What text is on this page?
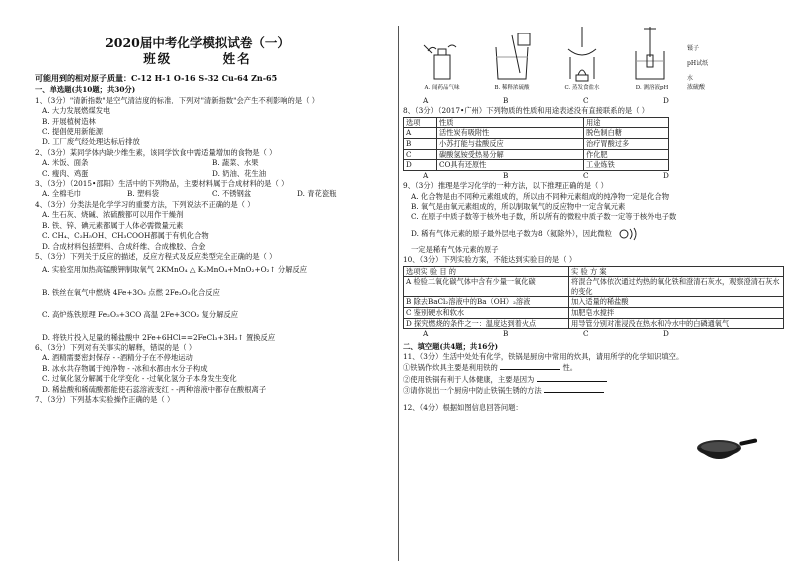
2020届中考化学模拟试卷（一）
班级	姓名
可能用到的相对原子质量：C-12 H-1 O-16 S-32 Cu-64 Zn-65
一、单选题(共10题；共30分)
1、（3分）"清新指数"是空气清洁度的标准．下列对"清新指数"会产生不利影响的是（ ）
A. 大力发展燃煤发电
B. 开展植树造林
C. 提倡使用新能源
D. 工厂废气经处理达标后排放
2、（3分）某同学体内缺少维生素，该同学饮食中需适量增加的食物是（ ）
A. 米饭、面条	B. 蔬菜、水果
C. 瘦肉、鸡蛋	D. 奶油、花生油
3、（3分）（2015•邵阳）生活中的下列物品，主要材料属于合成材料的是（ ）
A. 全棉毛巾	B. 塑料袋	C. 不锈钢盆	D. 青花瓷瓶
4、（3分）分类法是化学学习的重要方法，下列说法不正确的是（ ）
A. 生石灰、烧碱、浓硫酸都可以用作干燥剂
B. 铁、锌、碘元素都属于人体必需微量元素
C. CH₄、C₂H₅OH、CH₃COOH都属于有机化合物
D. 合成材料包括塑料、合成纤维、合成橡胶、合金
5、（3分）下列关于反应的描述，反应方程式及反应类型完全正确的是（ ）
A. 实验室用加热高锰酸钾制取氧气 2KMnO₄ △ K₂MnO₄+MnO₂+O₂↑ 分解反应
B. 铁丝在氧气中燃烧 4Fe+3O₂ 点燃 2Fe₂O₃化合反应
C. 高炉炼铁原理 Fe₂O₃+3CO 高温 2Fe+3CO₂ 复分解反应
D. 将铁片投入足量的稀盐酸中 2Fe+6HCl==2FeCl₃+3H₂↑ 置换反应
6、（3分）下列对有关事实的解释，错误的是（ ）
A. 酒精需要密封保存 - -酒精分子在不停地运动
B. 冰水共存物属于纯净物 - -冰和水都由水分子构成
C. 过氧化氢分解属于化学变化 - -过氧化氢分子本身发生变化
D. 稀盐酸和稀硫酸都能使石蕊溶液变红 - -两种溶液中都存在酸根离子
7、（3分）下列基本实验操作正确的是（ ）
A. 闻药品气味	B. 稀释浓硫酸	C. 蒸发食盐水	D. 测溶液pH
镊子
pH试纸
水
浓硫酸
A	B	C	D
8、（3分）（2017•广州）下列物质的性质和用途表述没有直接联系的是（ ）
选项	性质	用途
A	活性炭有吸附性	脱色制白糖
B	小苏打能与盐酸反应	治疗胃酸过多
C	碳酸氢铵受热易分解	作化肥
D	CO具有还原性	工业炼铁
A	B	C	D
9、（3分）推理是学习化学的一种方法，以下推理正确的是（ ）
A. 化合物是由不同种元素组成的，所以由不同种元素组成的纯净物一定是化合物
B. 氧气是由氧元素组成的，所以制取氧气的反应物中一定含氧元素
C. 在原子中质子数等于核外电子数，所以所有的微粒中质子数一定等于核外电子数
D. 稀有气体元素的原子最外层电子数为8（氦除外），因此微粒
一定是稀有气体元素的原子
10、（3分）下列实验方案，不能达到实验目的是（ ）
选项实 验 目 的	实 验 方 案
A 检验二氧化碳气体中含有少量一氧化碳	将混合气体依次通过灼热的氧化铁和澄清石灰水，观察澄清石灰水的变化
B 除去BaCl₂溶液中的Ba（OH）₂溶液	加入适量的稀盐酸
C 鉴别硬水和软水	加肥皂水搅拌
D 探究燃烧的条件之一：温度达到着火点	用导管分别对准浸没在热水和冷水中的白磷通氧气
A	B	C	D
二、填空题(共4题；共16分)
11、（3分）生活中处处有化学，铁锅是厨房中常用的炊具，请用所学的化学知识填空。
①铁锅作炊具主要是利用铁的	性。
②使用铁锅有利于人体健康，主要是因为
③请你说出一个厨房中防止铁锅生锈的方法
12、（4分）根据如图信息回答问题：
